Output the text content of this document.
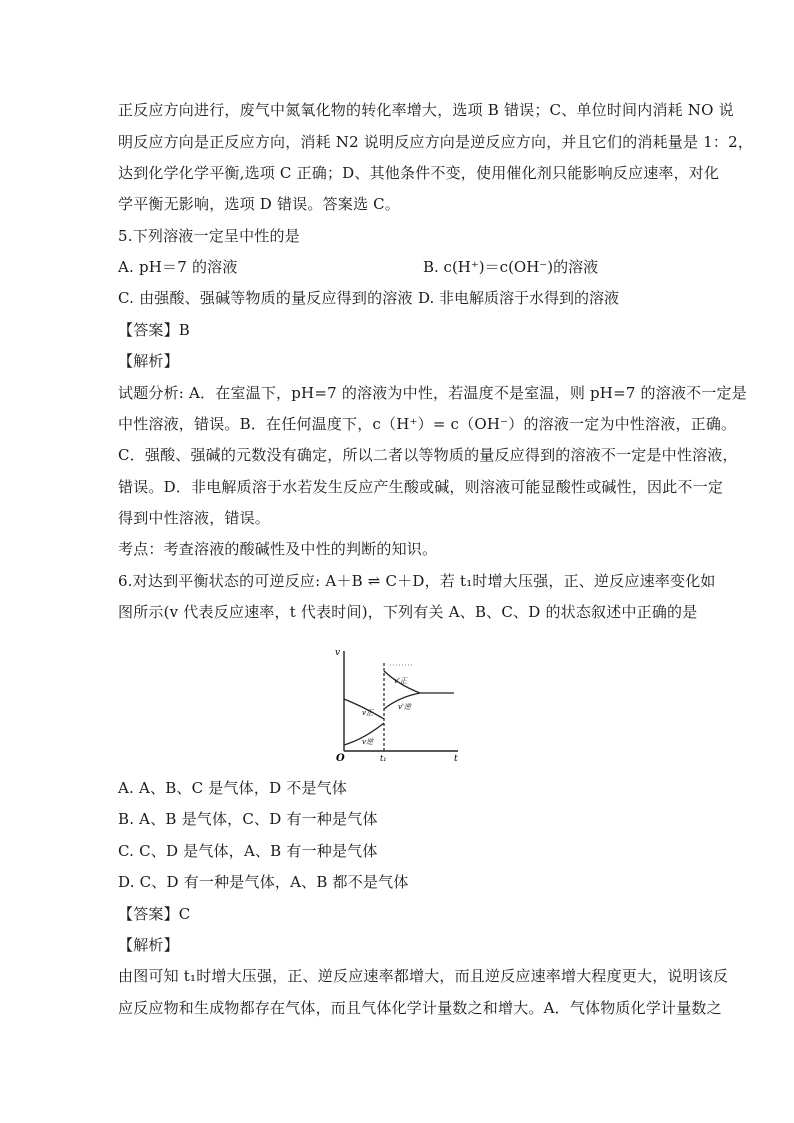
正反应方向进行，废气中氮氧化物的转化率增大，选项 B 错误；C、单位时间内消耗 NO 说
明反应方向是正反应方向，消耗 N2 说明反应方向是逆反应方向，并且它们的消耗量是 1：2，
达到化学化学平衡,选项 C 正确；D、其他条件不变，使用催化剂只能影响反应速率，对化
学平衡无影响，选项 D 错误。答案选 C。
5.下列溶液一定呈中性的是
A. pH＝7 的溶液	B. c(H⁺)＝c(OH⁻)的溶液
C. 由强酸、强碱等物质的量反应得到的溶液 D. 非电解质溶于水得到的溶液
【答案】B
【解析】
试题分析: A．在室温下，pH=7 的溶液为中性，若温度不是室温，则 pH=7 的溶液不一定是
中性溶液，错误。B．在任何温度下，c（H⁺）= c（OH⁻）的溶液一定为中性溶液，正确。
C．强酸、强碱的元数没有确定，所以二者以等物质的量反应得到的溶液不一定是中性溶液，
错误。D．非电解质溶于水若发生反应产生酸或碱，则溶液可能显酸性或碱性，因此不一定
得到中性溶液，错误。
考点：考查溶液的酸碱性及中性的判断的知识。
6.对达到平衡状态的可逆反应: A＋B ⇌ C＋D，若 t₁时增大压强，正、逆反应速率变化如
图所示(v 代表反应速率，t 代表时间)，下列有关 A、B、C、D 的状态叙述中正确的是
v
t
O	t₁
v正
v逆
v'正
v'逆
A. A、B、C 是气体，D 不是气体
B. A、B 是气体，C、D 有一种是气体
C. C、D 是气体，A、B 有一种是气体
D. C、D 有一种是气体，A、B 都不是气体
【答案】C
【解析】
由图可知 t₁时增大压强，正、逆反应速率都增大，而且逆反应速率增大程度更大，说明该反
应反应物和生成物都存在气体，而且气体化学计量数之和增大。A．气体物质化学计量数之
